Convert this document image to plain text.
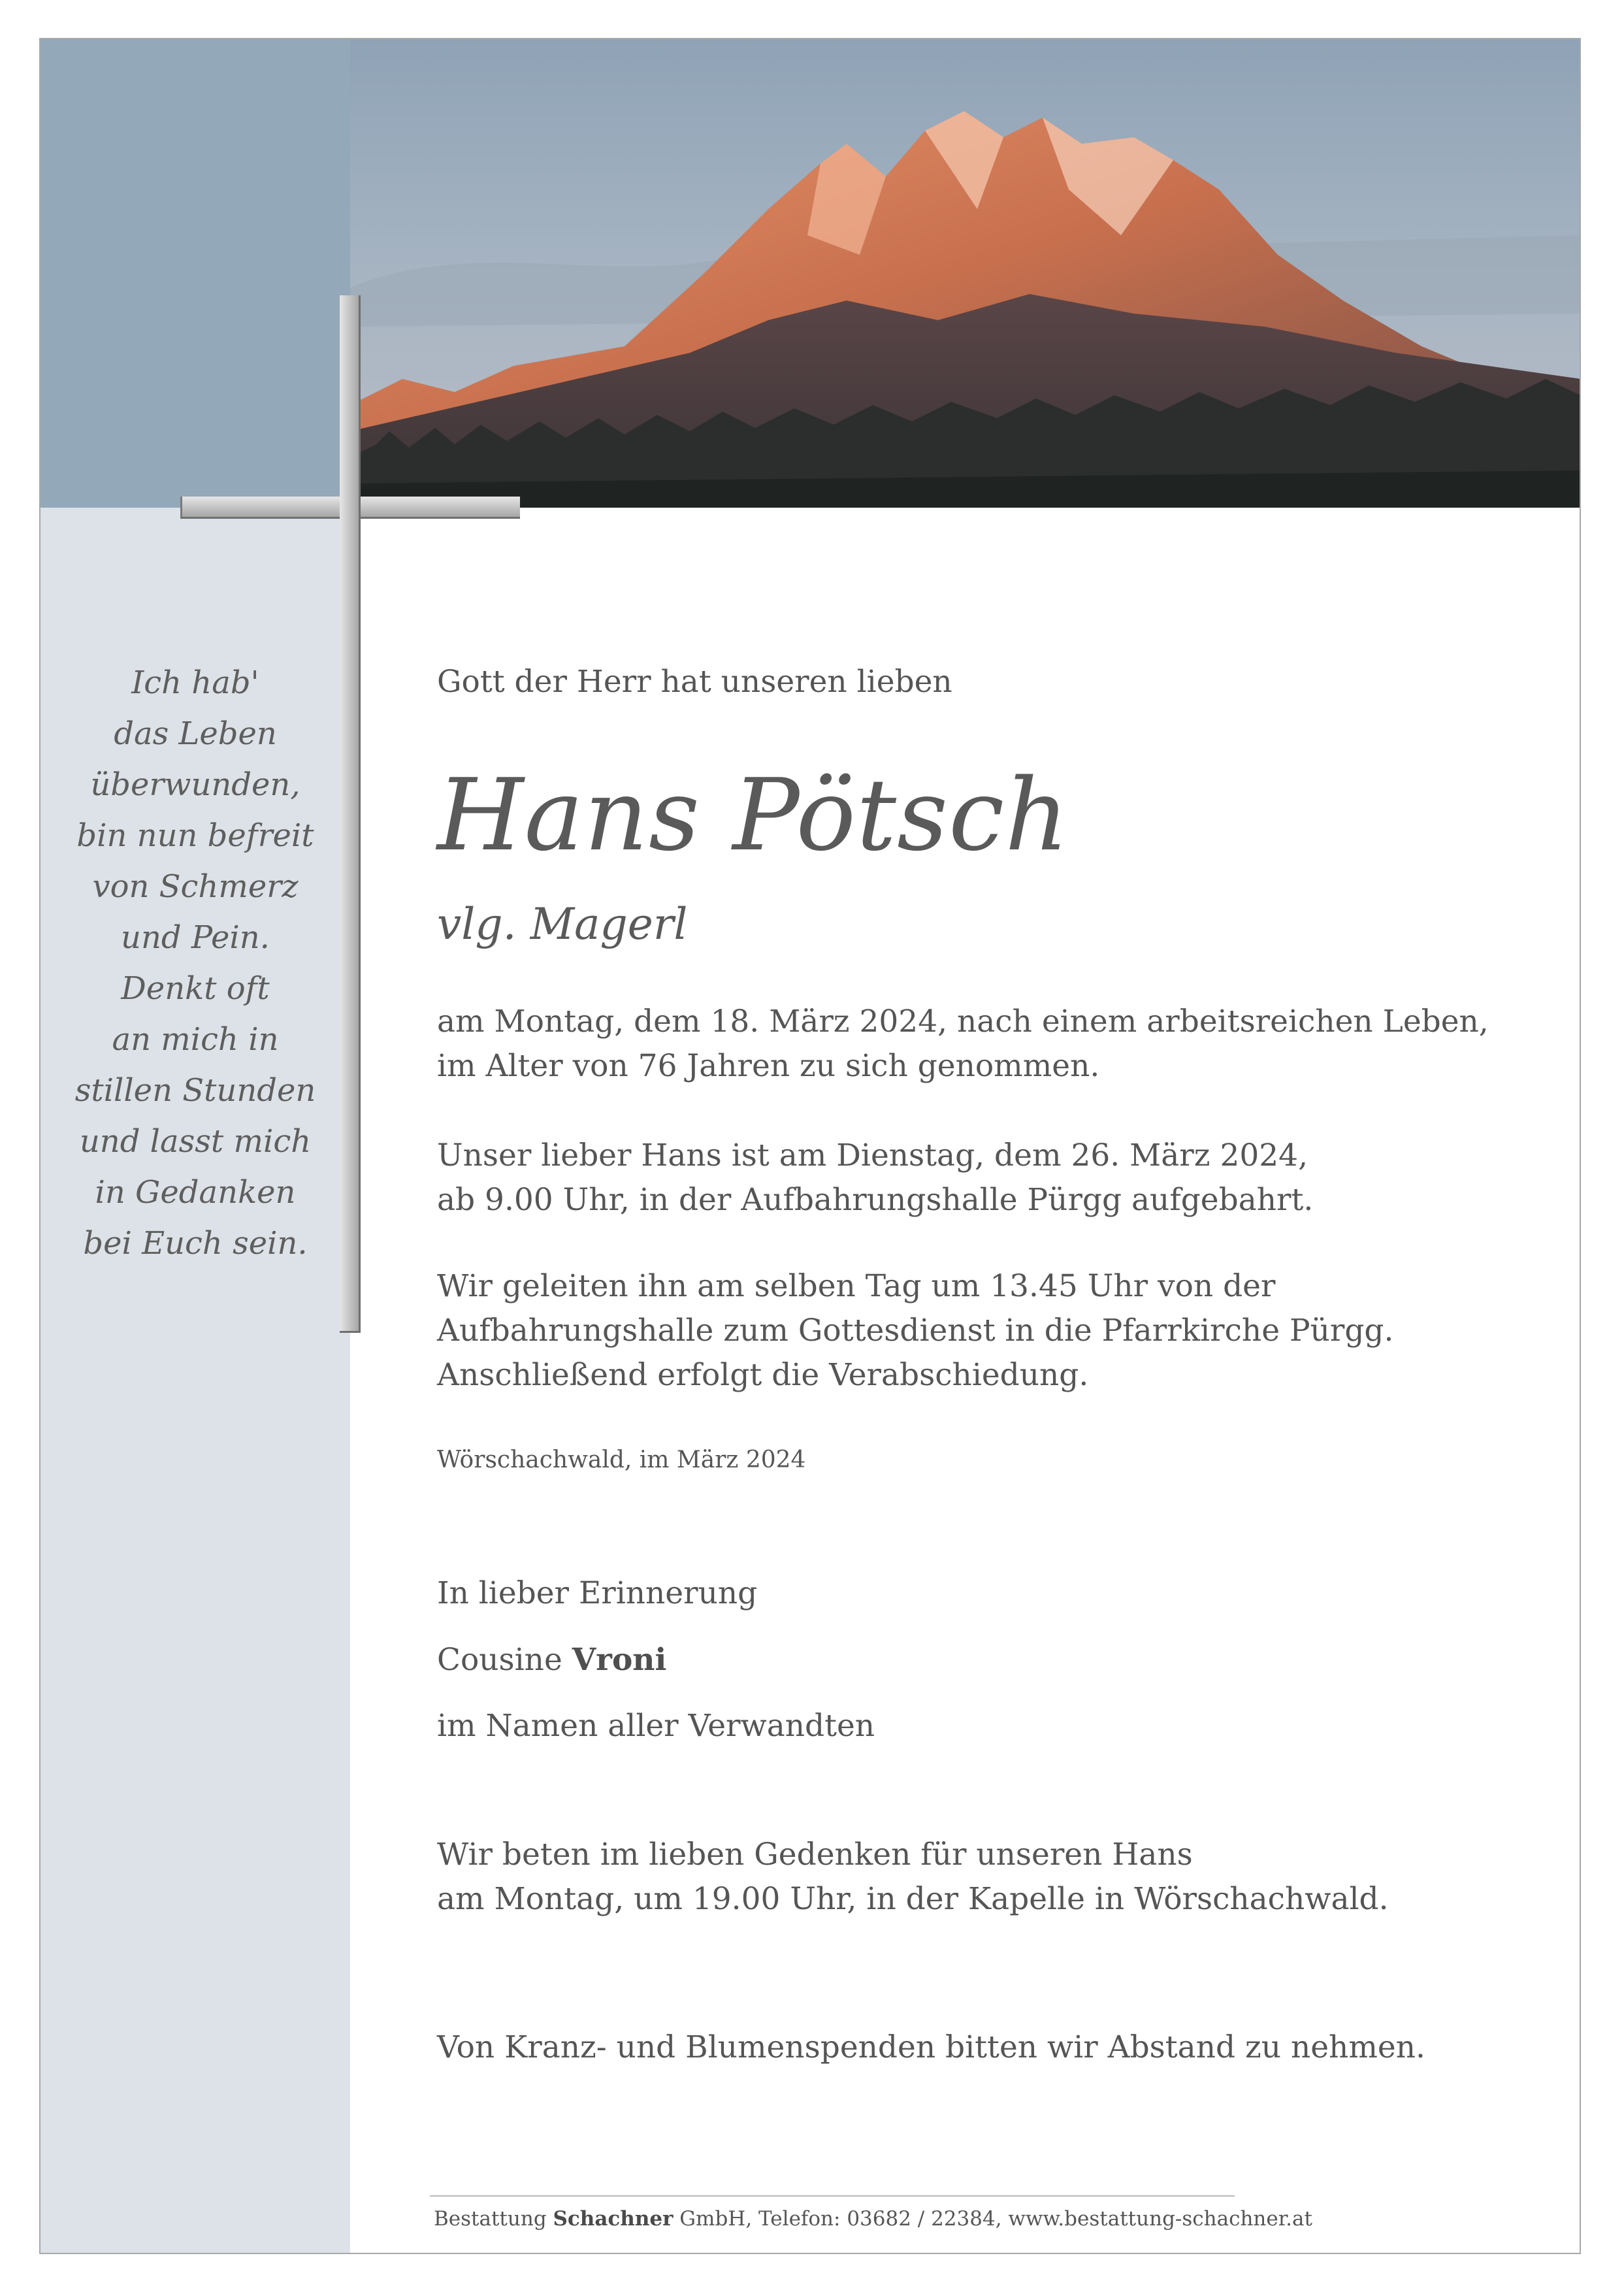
Ich hab'
das Leben
überwunden,
bin nun befreit
von Schmerz
und Pein.
Denkt oft
an mich in
stillen Stunden
und lasst mich
in Gedanken
bei Euch sein.
Gott der Herr hat unseren lieben
Hans Pötsch
vlg. Magerl
am Montag, dem 18. März 2024, nach einem arbeitsreichen Leben,
im Alter von 76 Jahren zu sich genommen.
Unser lieber Hans ist am Dienstag, dem 26. März 2024,
ab 9.00 Uhr, in der Aufbahrungshalle Pürgg aufgebahrt.
Wir geleiten ihn am selben Tag um 13.45 Uhr von der
Aufbahrungshalle zum Gottesdienst in die Pfarrkirche Pürgg.
Anschließend erfolgt die Verabschiedung.
Wörschachwald, im März 2024
In lieber Erinnerung
Cousine Vroni
im Namen aller Verwandten
Wir beten im lieben Gedenken für unseren Hans
am Montag, um 19.00 Uhr, in der Kapelle in Wörschachwald.
Von Kranz- und Blumenspenden bitten wir Abstand zu nehmen.
Bestattung Schachner GmbH, Telefon: 03682 / 22384, www.bestattung-schachner.at
